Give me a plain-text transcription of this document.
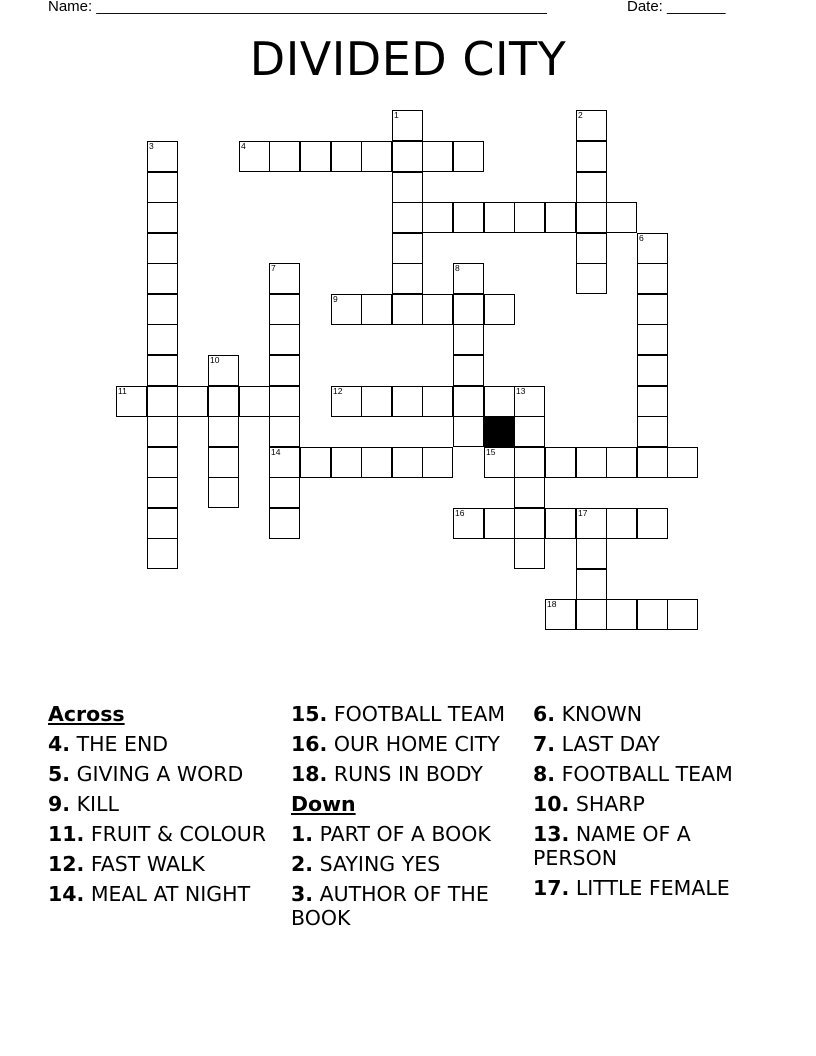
Name: ______________________________________________________	Date: _______
DIVIDED CITY
1	2
3	4
6
7	8
9
10
11	12	13
14	15
16	17
18
Across
4. THE END
5. GIVING A WORD
9. KILL
11. FRUIT & COLOUR
12. FAST WALK
14. MEAL AT NIGHT
15. FOOTBALL TEAM
16. OUR HOME CITY
18. RUNS IN BODY
Down
1. PART OF A BOOK
2. SAYING YES
3. AUTHOR OF THE BOOK
6. KNOWN
7. LAST DAY
8. FOOTBALL TEAM
10. SHARP
13. NAME OF A PERSON
17. LITTLE FEMALE
